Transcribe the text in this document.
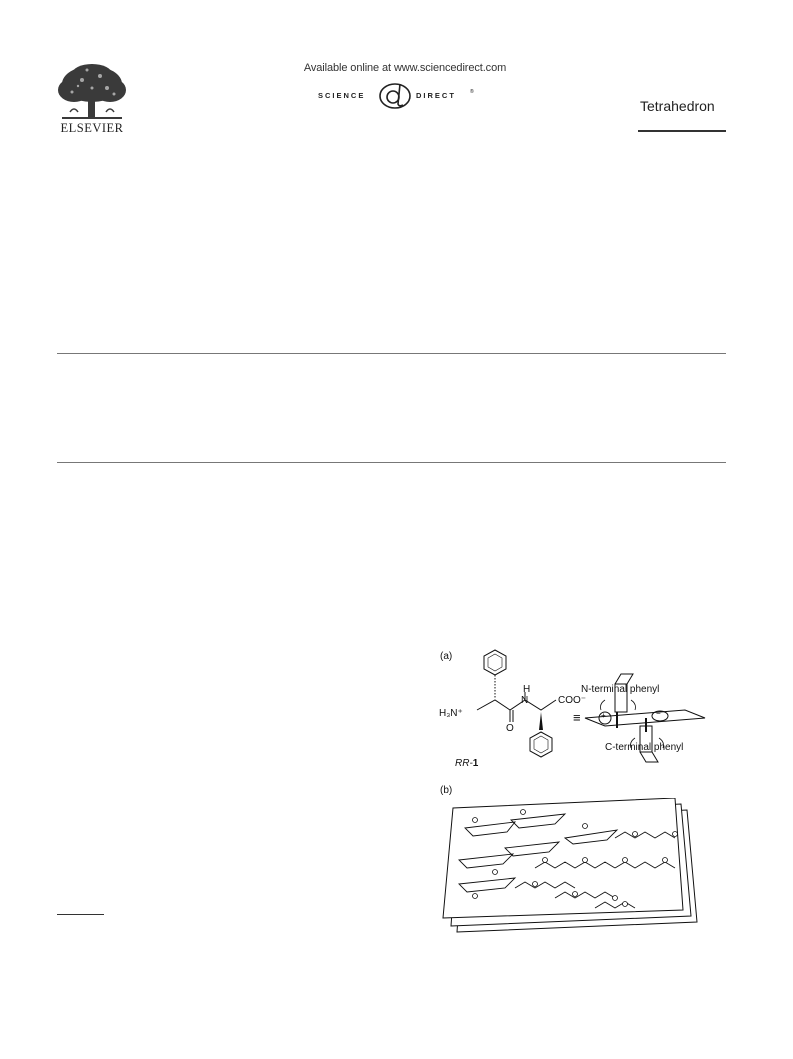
ELSEVIER
Available online at www.sciencedirect.com
SCIENCE	DIRECT	®
Tetrahedron
(a)
H₃N⁺
H
N
O
COO⁻
≡	+	−
N-terminal phenyl
C-terminal phenyl
RR-1
(b)
